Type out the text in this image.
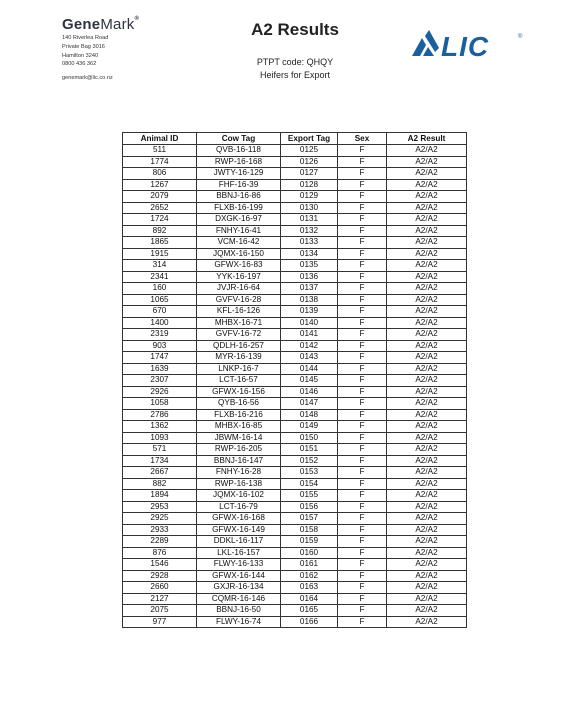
GeneMark®
140 Riverlea Road
Private Bag 3016
Hamilton 3240
0800 436 362
genemark@lic.co.nz
A2 Results
PTPT code: QHQY
Heifers for Export
LIC	®
Animal ID	Cow Tag	Export Tag	Sex	A2 Result
511	QVB-16-118	0125	F	A2/A2
1774	RWP-16-168	0126	F	A2/A2
806	JWTY-16-129	0127	F	A2/A2
1267	FHF-16-39	0128	F	A2/A2
2079	BBNJ-16-86	0129	F	A2/A2
2652	FLXB-16-199	0130	F	A2/A2
1724	DXGK-16-97	0131	F	A2/A2
892	FNHY-16-41	0132	F	A2/A2
1865	VCM-16-42	0133	F	A2/A2
1915	JQMX-16-150	0134	F	A2/A2
314	GFWX-16-83	0135	F	A2/A2
2341	YYK-16-197	0136	F	A2/A2
160	JVJR-16-64	0137	F	A2/A2
1065	GVFV-16-28	0138	F	A2/A2
670	KFL-16-126	0139	F	A2/A2
1400	MHBX-16-71	0140	F	A2/A2
2319	GVFV-16-72	0141	F	A2/A2
903	QDLH-16-257	0142	F	A2/A2
1747	MYR-16-139	0143	F	A2/A2
1639	LNKP-16-7	0144	F	A2/A2
2307	LCT-16-57	0145	F	A2/A2
2926	GFWX-16-156	0146	F	A2/A2
1058	QYB-16-56	0147	F	A2/A2
2786	FLXB-16-216	0148	F	A2/A2
1362	MHBX-16-85	0149	F	A2/A2
1093	JBWM-16-14	0150	F	A2/A2
571	RWP-16-205	0151	F	A2/A2
1734	BBNJ-16-147	0152	F	A2/A2
2667	FNHY-16-28	0153	F	A2/A2
882	RWP-16-138	0154	F	A2/A2
1894	JQMX-16-102	0155	F	A2/A2
2953	LCT-16-79	0156	F	A2/A2
2925	GFWX-16-168	0157	F	A2/A2
2933	GFWX-16-149	0158	F	A2/A2
2289	DDKL-16-117	0159	F	A2/A2
876	LKL-16-157	0160	F	A2/A2
1546	FLWY-16-133	0161	F	A2/A2
2928	GFWX-16-144	0162	F	A2/A2
2660	GXJR-16-134	0163	F	A2/A2
2127	CQMR-16-146	0164	F	A2/A2
2075	BBNJ-16-50	0165	F	A2/A2
977	FLWY-16-74	0166	F	A2/A2
